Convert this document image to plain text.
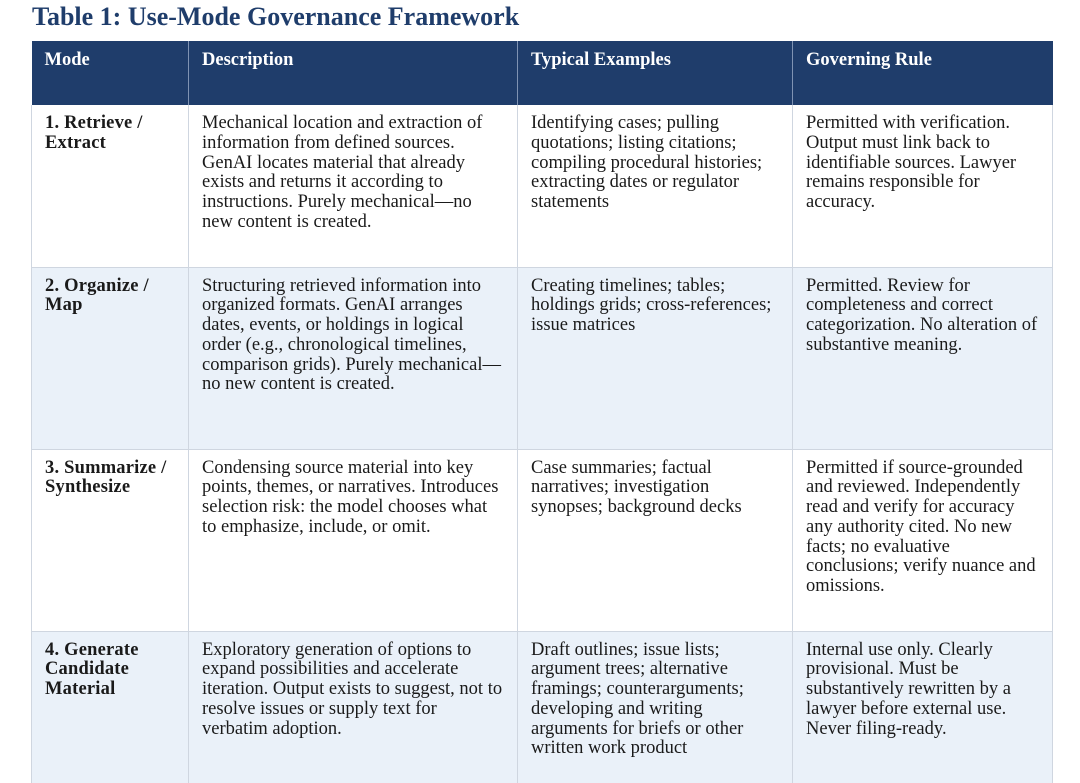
Table 1: Use-Mode Governance Framework
Mode	Description	Typical Examples	Governing Rule
1. Retrieve / Extract	Mechanical location and extraction of information from defined sources. GenAI locates material that already exists and returns it according to instructions. Purely mechanical—no new content is created.	Identifying cases; pulling quotations; listing citations; compiling procedural histories; extracting dates or regulator statements	Permitted with verification. Output must link back to identifiable sources. Lawyer remains responsible for accuracy.
2. Organize / Map	Structuring retrieved information into organized formats. GenAI arranges dates, events, or holdings in logical order (e.g., chronological timelines, comparison grids). Purely mechanical—no new content is created.	Creating timelines; tables; holdings grids; cross-references; issue matrices	Permitted. Review for completeness and correct categorization. No alteration of substantive meaning.
3. Summarize / Synthesize	Condensing source material into key points, themes, or narratives. Introduces selection risk: the model chooses what to emphasize, include, or omit.	Case summaries; factual narratives; investigation synopses; background decks	Permitted if source-grounded and reviewed. Independently read and verify for accuracy any authority cited. No new facts; no evaluative conclusions; verify nuance and omissions.
4. Generate Candidate Material	Exploratory generation of options to expand possibilities and accelerate iteration. Output exists to suggest, not to resolve issues or supply text for verbatim adoption.	Draft outlines; issue lists; argument trees; alternative framings; counterarguments; developing and writing arguments for briefs or other written work product	Internal use only. Clearly provisional. Must be substantively rewritten by a lawyer before external use. Never filing-ready.
